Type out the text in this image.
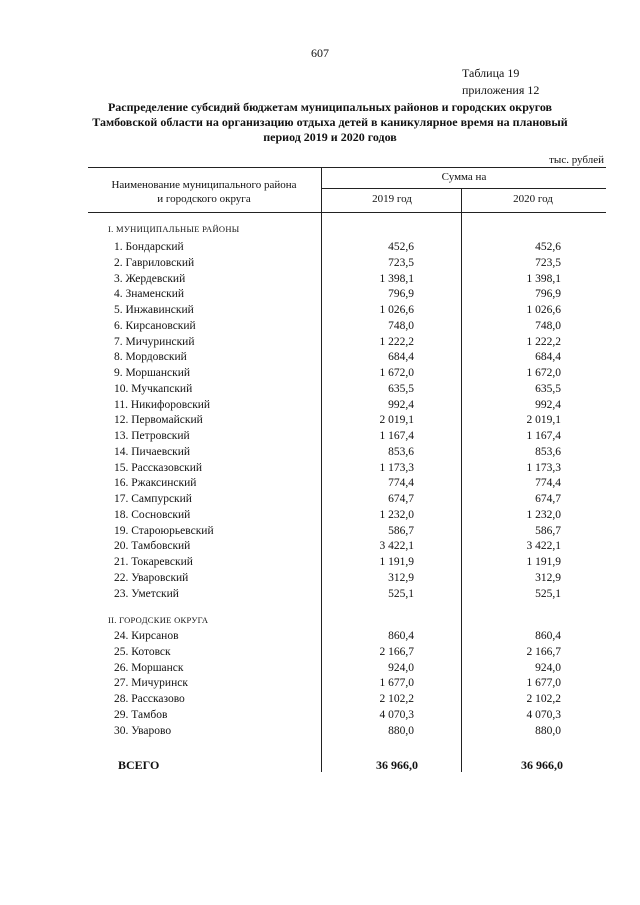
607
Таблица 19
приложения 12
Распределение субсидий бюджетам муниципальных районов и городских округов
Тамбовской области на организацию отдыха детей в каникулярное время на плановый
период 2019 и 2020 годов
тыс. рублей
Наименование муниципального района
и городского округа
Сумма на
2019 год	2020 год
I. МУНИЦИПАЛЬНЫЕ РАЙОНЫ
1. Бондарский	452,6	452,6
2. Гавриловский	723,5	723,5
3. Жердевский	1 398,1	1 398,1
4. Знаменский	796,9	796,9
5. Инжавинский	1 026,6	1 026,6
6. Кирсановский	748,0	748,0
7. Мичуринский	1 222,2	1 222,2
8. Мордовский	684,4	684,4
9. Моршанский	1 672,0	1 672,0
10. Мучкапский	635,5	635,5
11. Никифоровский	992,4	992,4
12. Первомайский	2 019,1	2 019,1
13. Петровский	1 167,4	1 167,4
14. Пичаевский	853,6	853,6
15. Рассказовский	1 173,3	1 173,3
16. Ржаксинский	774,4	774,4
17. Сампурский	674,7	674,7
18. Сосновский	1 232,0	1 232,0
19. Староюрьевский	586,7	586,7
20. Тамбовский	3 422,1	3 422,1
21. Токаревский	1 191,9	1 191,9
22. Уваровский	312,9	312,9
23. Уметский	525,1	525,1
II. ГОРОДСКИЕ ОКРУГА
24. Кирсанов	860,4	860,4
25. Котовск	2 166,7	2 166,7
26. Моршанск	924,0	924,0
27. Мичуринск	1 677,0	1 677,0
28. Рассказово	2 102,2	2 102,2
29. Тамбов	4 070,3	4 070,3
30. Уварово	880,0	880,0
ВСЕГО	36 966,0	36 966,0
